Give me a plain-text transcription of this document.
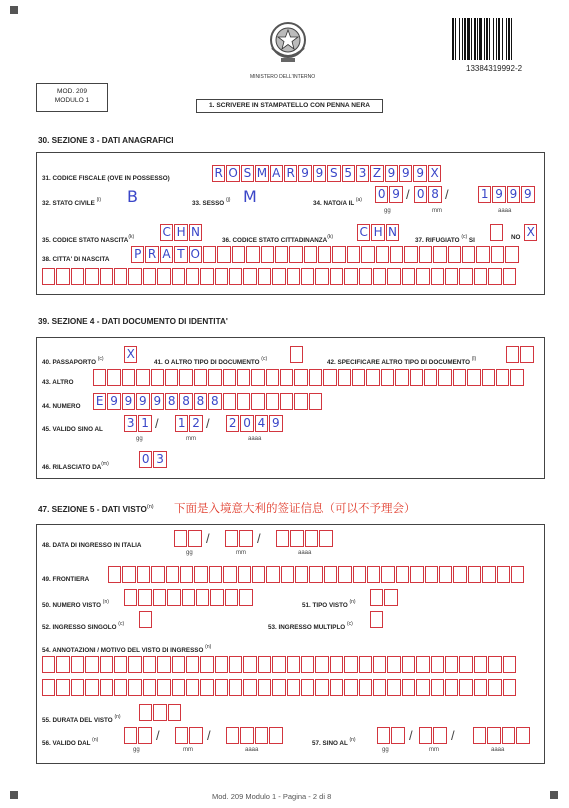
MINISTERO DELL'INTERNO
13384319992-2
MOD. 209
MODULO 1
1. SCRIVERE IN STAMPATELLO CON PENNA NERA
30. SEZIONE 3 - DATI ANAGRAFICI
31. CODICE FISCALE (OVE IN POSSESSO)	R O S M A R 9 9 S 5 3 Z 9 9 9 X
32. STATO CIVILE $^{(i)}$ B	33. SESSO $^{(j)}$ M	34. NATO/A IL $^{(a)}$ 0 9 / 0 8 /	1 9 9 9
gg	mm	aaaa
35. CODICE STATO NASCITA$^{(k)}$ C H N
36. CODICE STATO CITTADINANZA$^{(k)}$ C H N
37. RIFUGIATO $^{(c)}$ SI	NO X
38. CITTA' DI NASCITA P R A T O
39. SEZIONE 4 - DATI DOCUMENTO DI IDENTITA'
40. PASSAPORTO $^{(c)}$ X
41. O ALTRO TIPO DI DOCUMENTO $^{(c)}$	42. SPECIFICARE ALTRO TIPO DI DOCUMENTO $^{(l)}$
43. ALTRO
44. NUMERO E 9 9 9 9 8 8 8 8
45. VALIDO SINO AL 3 1 / 1 2 / 2 0 4 9
gg	mm	aaaa
46. RILASCIATO DA$^{(m)}$	0 3
47. SEZIONE 5 - DATI VISTO$^{(n)}$ 下面是入境意大利的签证信息（可以不予理会）
48. DATA DI INGRESSO IN ITALIA	/	/
gg	mm	aaaa
49. FRONTIERA
50. NUMERO VISTO $^{(n)}$	51. TIPO VISTO $^{(n)}$
52. INGRESSO SINGOLO $^{(c)}$	53. INGRESSO MULTIPLO $^{(c)}$
54. ANNOTAZIONI / MOTIVO DEL VISTO DI INGRESSO $^{(n)}$
55. DURATA DEL VISTO $^{(n)}$
56. VALIDO DAL $^{(n)}$	/	/
gg	mm	aaaa
57. SINO AL $^{(n)}$	/	/
gg	mm	aaaa
Mod. 209 Modulo 1 - Pagina - 2 di 8
